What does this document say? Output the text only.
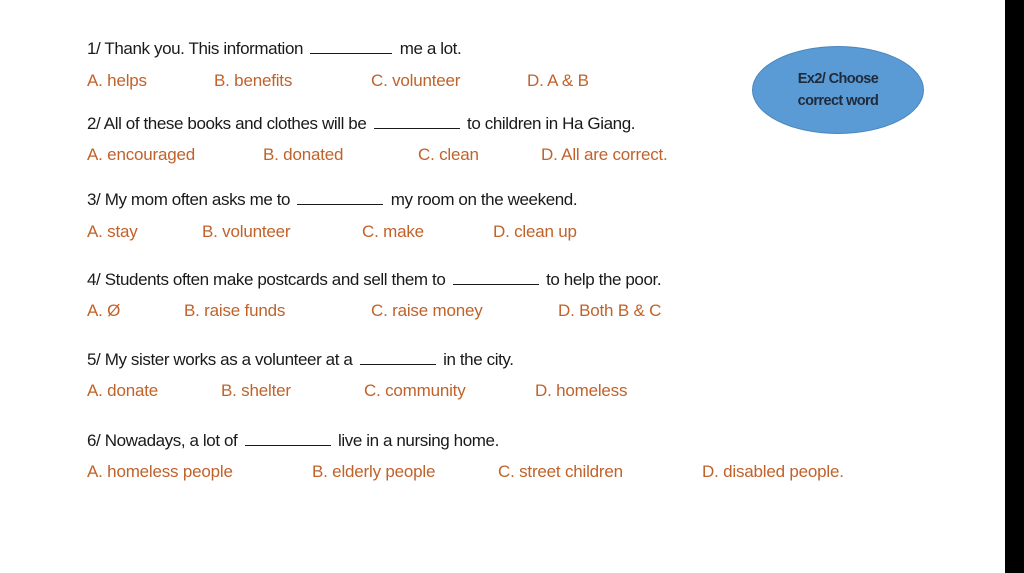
Ex2/ Choose
correct word
1/ Thank you. This information	me a lot.
A. helps	B. benefits	C. volunteer	D. A & B
2/ All of these books and clothes will be	to children in Ha Giang.
A. encouraged	B. donated	C. clean	D. All are correct.
3/ My mom often asks me to	my room on the weekend.
A. stay	B. volunteer	C. make	D. clean up
4/ Students often make postcards and sell them to	to help the poor.
A. Ø	B. raise funds	C. raise money	D. Both B & C
5/ My sister works as a volunteer at a	in the city.
A. donate	B. shelter	C. community	D. homeless
6/ Nowadays, a lot of	live in a nursing home.
A. homeless people	B. elderly people	C. street children	D. disabled people.
